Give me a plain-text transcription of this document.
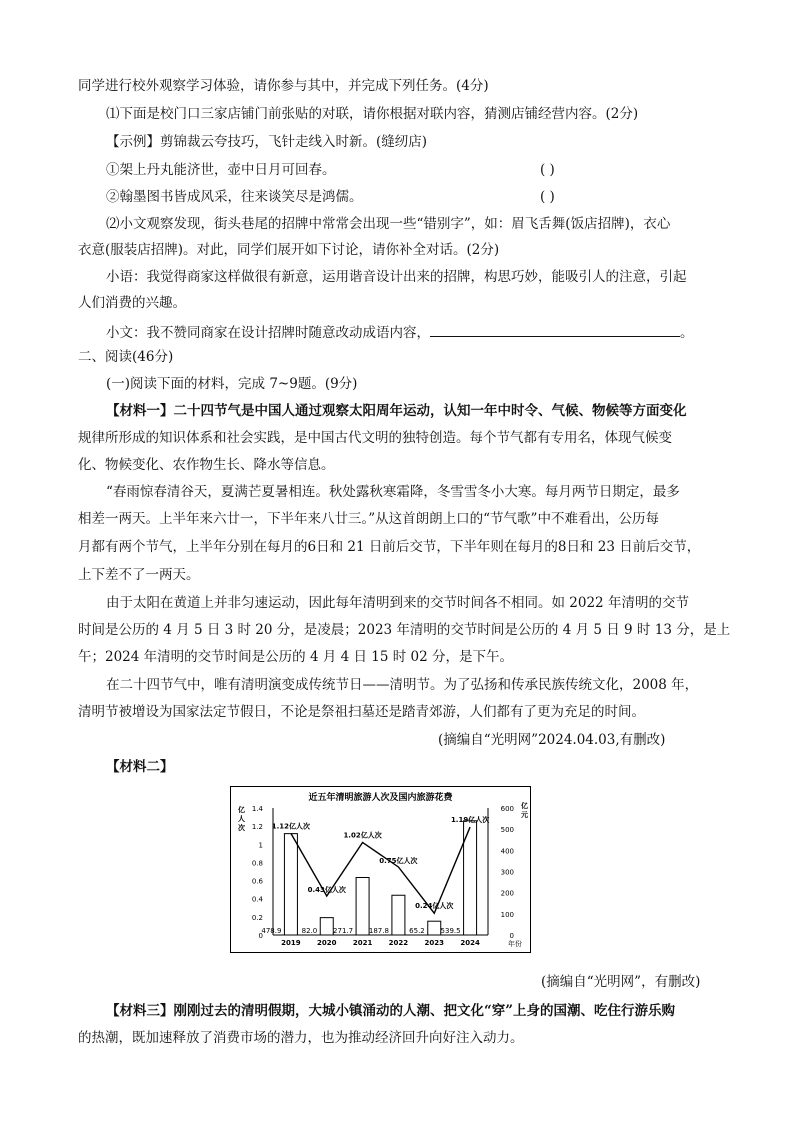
同学进行校外观察学习体验，请你参与其中，并完成下列任务。(4分)
⑴下面是校门口三家店铺门前张贴的对联，请你根据对联内容，猜测店铺经营内容。(2分)
【示例】剪锦裁云夸技巧，飞针走线入时新。(缝纫店)
①架上丹丸能济世，壶中日月可回春。	( )
②翰墨图书皆成风采，往来谈笑尽是鸿儒。	( )
⑵小文观察发现，街头巷尾的招牌中常常会出现一些“错别字”，如：眉飞舌舞(饭店招牌)，衣心
衣意(服装店招牌)。对此，同学们展开如下讨论，请你补全对话。(2分)
小语：我觉得商家这样做很有新意，运用谐音设计出来的招牌，构思巧妙，能吸引人的注意，引起
人们消费的兴趣。
小文：我不赞同商家在设计招牌时随意改动成语内容，	。
二、阅读(46分)
(一)阅读下面的材料，完成 7~9题。(9分)
【材料一】二十四节气是中国人通过观察太阳周年运动，认知一年中时令、气候、物候等方面变化
规律所形成的知识体系和社会实践，是中国古代文明的独特创造。每个节气都有专用名，体现气候变
化、物候变化、农作物生长、降水等信息。
“春雨惊春清谷天，夏满芒夏暑相连。秋处露秋寒霜降，冬雪雪冬小大寒。每月两节日期定，最多
相差一两天。上半年来六廿一，下半年来八廿三。”从这首朗朗上口的“节气歌”中不难看出，公历每
月都有两个节气，上半年分别在每月的6日和 21 日前后交节，下半年则在每月的8日和 23 日前后交节，
上下差不了一两天。
由于太阳在黄道上并非匀速运动，因此每年清明到来的交节时间各不相同。如 2022 年清明的交节
时间是公历的 4 月 5 日 3 时 20 分，是凌晨；2023 年清明的交节时间是公历的 4 月 5 日 9 时 13 分，是上
午；2024 年清明的交节时间是公历的 4 月 4 日 15 时 02 分，是下午。
在二十四节气中，唯有清明演变成传统节日——清明节。为了弘扬和传承民族传统文化，2008 年，
清明节被增设为国家法定节假日，不论是祭祖扫墓还是踏青郊游，人们都有了更为充足的时间。
(摘编自“光明网”2024.04.03,有删改)
【材料二】
近五年清明旅游人次及国内旅游花费
0
0.2
0.4
0.6
0.8
1
1.2
1.4
0
100
200
300
400
500
600
亿
人
次
亿
元
年份
478.9
2019
82.0
2020
271.7
2021
187.8
2022
65.2
2023
539.5
2024
1.12亿人次
0.43亿人次
1.02亿人次
0.75亿人次
0.24亿人次
1.19亿人次
(摘编自“光明网”，有删改)
【材料三】刚刚过去的清明假期，大城小镇涌动的人潮、把文化“穿”上身的国潮、吃住行游乐购
的热潮，既加速释放了消费市场的潜力，也为推动经济回升向好注入动力。
